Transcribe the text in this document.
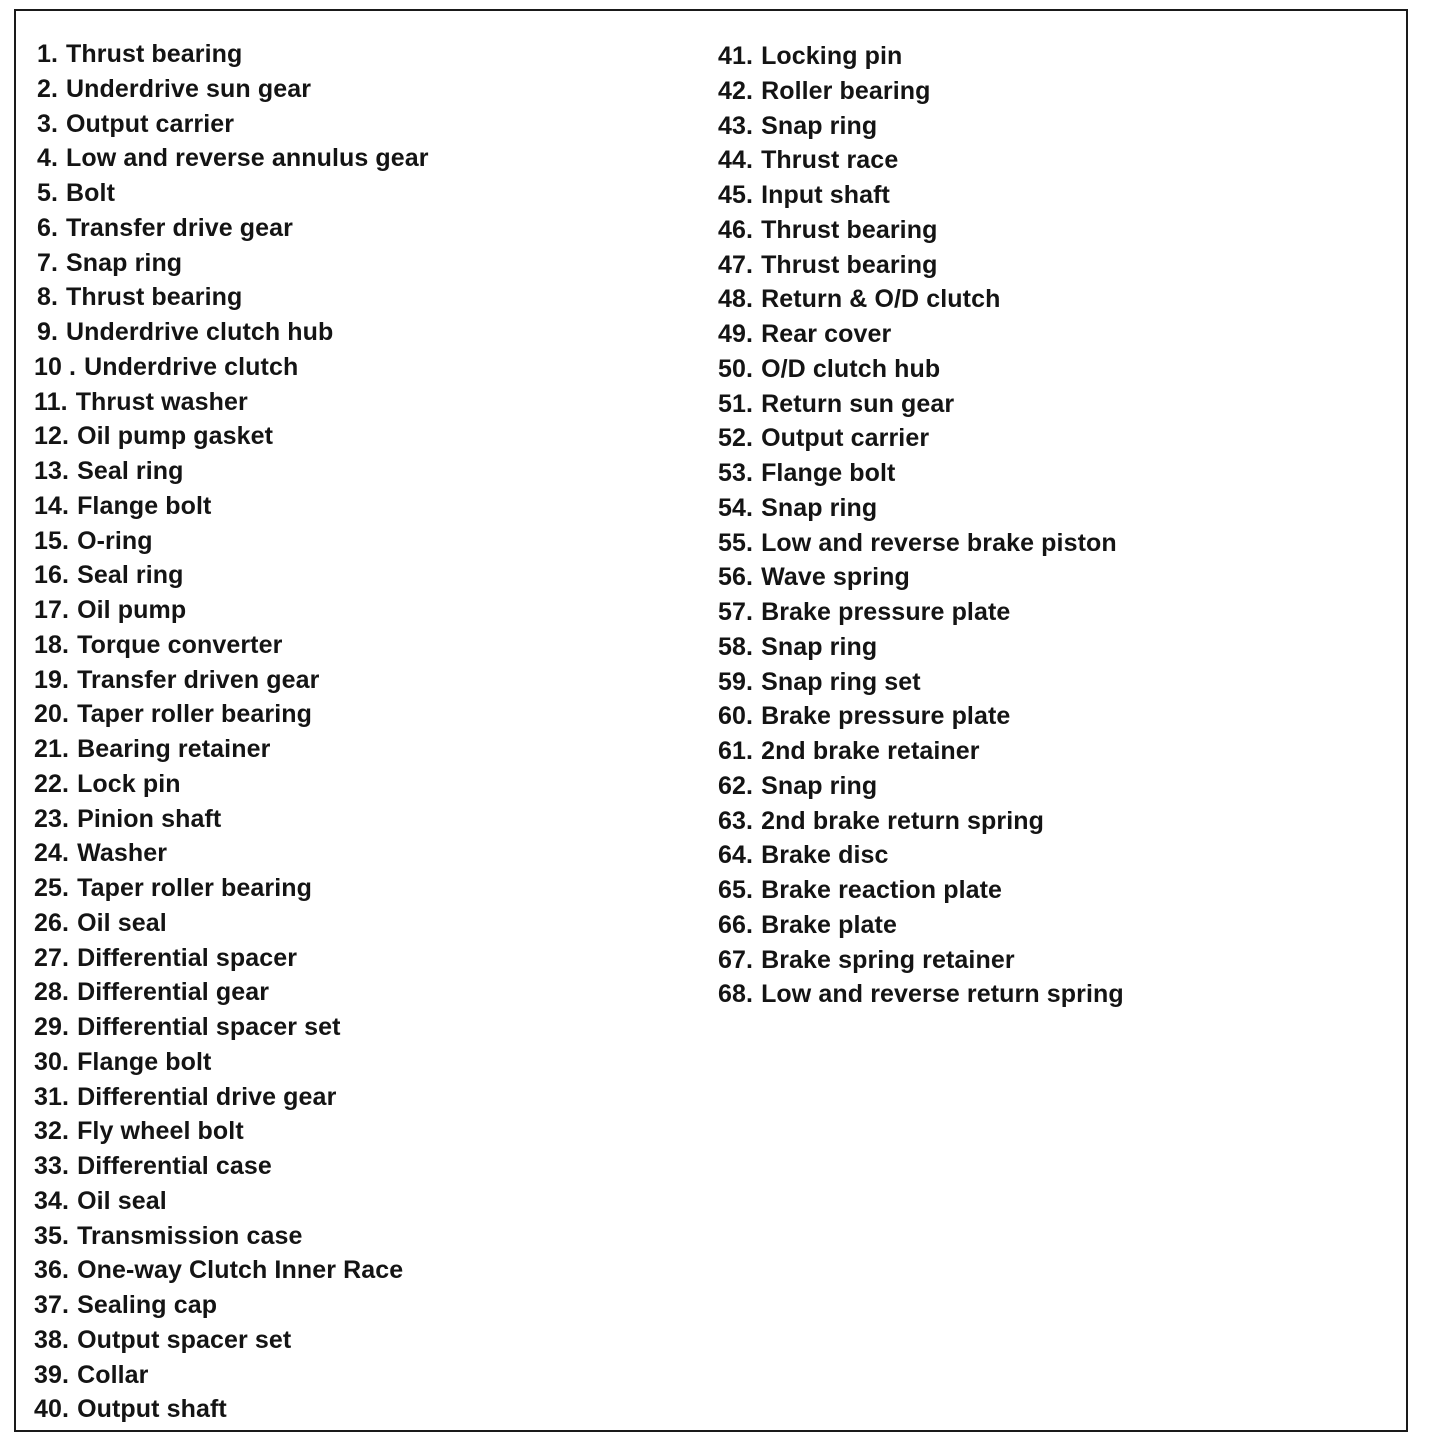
1. Thrust bearing
2. Underdrive sun gear
3. Output carrier
4. Low and reverse annulus gear
5. Bolt
6. Transfer drive gear
7. Snap ring
8. Thrust bearing
9. Underdrive clutch hub
10 . Underdrive clutch
11. Thrust washer
12. Oil pump gasket
13. Seal ring
14. Flange bolt
15. O-ring
16. Seal ring
17. Oil pump
18. Torque converter
19. Transfer driven gear
20. Taper roller bearing
21. Bearing retainer
22. Lock pin
23. Pinion shaft
24. Washer
25. Taper roller bearing
26. Oil seal
27. Differential spacer
28. Differential gear
29. Differential spacer set
30. Flange bolt
31. Differential drive gear
32. Fly wheel bolt
33. Differential case
34. Oil seal
35. Transmission case
36. One-way Clutch Inner Race
37. Sealing cap
38. Output spacer set
39. Collar
40. Output shaft
41. Locking pin
42. Roller bearing
43. Snap ring
44. Thrust race
45. Input shaft
46. Thrust bearing
47. Thrust bearing
48. Return & O/D clutch
49. Rear cover
50. O/D clutch hub
51. Return sun gear
52. Output carrier
53. Flange bolt
54. Snap ring
55. Low and reverse brake piston
56. Wave spring
57. Brake pressure plate
58. Snap ring
59. Snap ring set
60. Brake pressure plate
61. 2nd brake retainer
62. Snap ring
63. 2nd brake return spring
64. Brake disc
65. Brake reaction plate
66. Brake plate
67. Brake spring retainer
68. Low and reverse return spring
